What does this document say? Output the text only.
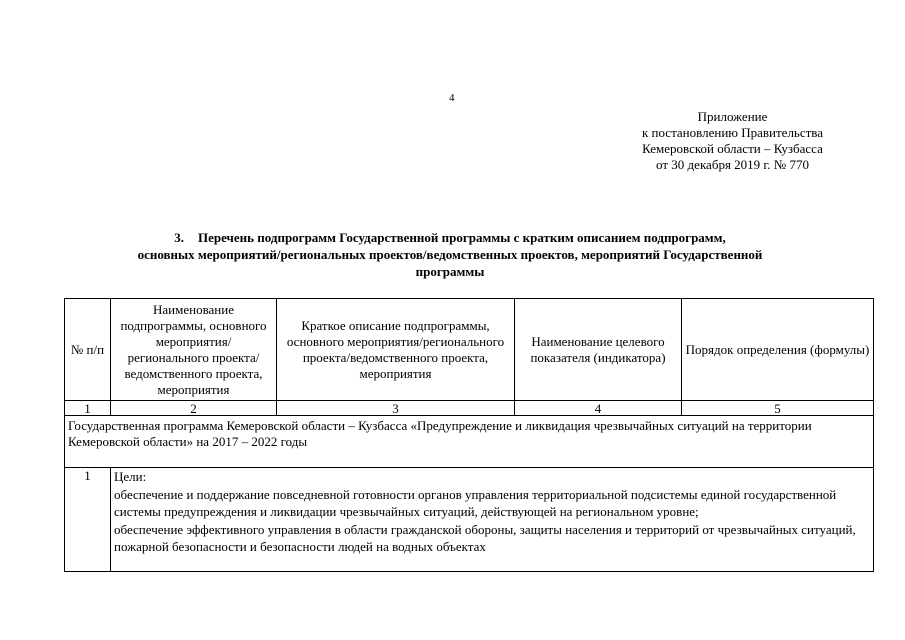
4
Приложение
к постановлению Правительства
Кемеровской области – Кузбасса
от 30 декабря 2019 г. № 770
3. Перечень подпрограмм Государственной программы с кратким описанием подпрограмм,
основных мероприятий/региональных проектов/ведомственных проектов, мероприятий Государственной
программы
№ п/п	Наименование подпрограммы, основного мероприятия/ регионального проекта/ведомственного проекта, мероприятия	Краткое описание подпрограммы, основного мероприятия/регионального проекта/ведомственного проекта, мероприятия	Наименование целевого показателя (индикатора)	Порядок определения (формулы)
1	2	3	4	5
Государственная программа Кемеровской области – Кузбасса «Предупреждение и ликвидация чрезвычайных ситуаций на территории Кемеровской области» на 2017 – 2022 годы				
1	Цели:
обеспечение и поддержание повседневной готовности органов управления территориальной подсистемы единой государственной системы предупреждения и ликвидации чрезвычайных ситуаций, действующей на региональном уровне;
обеспечение эффективного управления в области гражданской обороны, защиты населения и территорий от чрезвычайных ситуаций, пожарной безопасности и безопасности людей на водных объектах			
